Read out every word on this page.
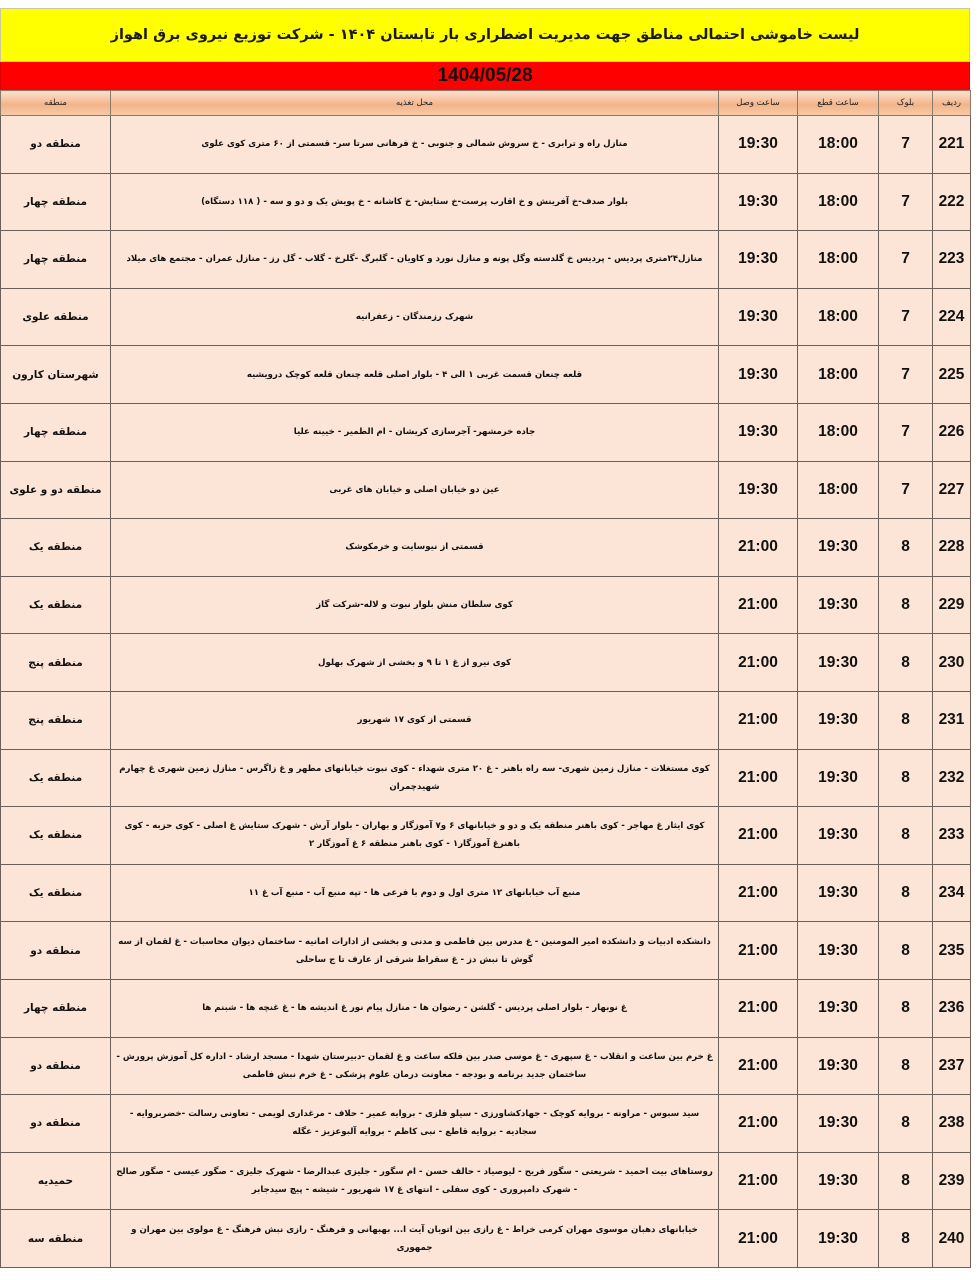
لیست خاموشی احتمالی مناطق جهت مدیریت اضطراری بار تابستان ۱۴۰۴ - شرکت توزیع نیروی برق اهواز
1404/05/28
ردیف	بلوک	ساعت قطع	ساعت وصل	محل تغذیه	منطقه
221	7	18:00	19:30	منازل راه و ترابری - خ سروش شمالی و جنوبی - خ فرهانی سرتا سر- قسمتی از ۶۰ متری کوی علوی	منطقه دو
222	7	18:00	19:30	بلوار صدف-خ آفرینش و خ اقارب پرست-خ ستایش- خ کاشانه - خ پویش یک و دو و سه - ( ۱۱۸ دستگاه)	منطقه چهار
223	7	18:00	19:30	منازل۲۴متری پردیس - پردیس خ گلدسته وگل پونه و منازل نورد و کاویان - گلبرگ -گلرخ - گلاب - گل رز - منازل عمران - مجتمع های میلاد	منطقه چهار
224	7	18:00	19:30	شهرک رزمندگان - زعفرانیه	منطقه علوی
225	7	18:00	19:30	قلعه چنعان قسمت غربی ۱ الی ۴ - بلوار اصلی قلعه چنعان قلعه کوچک درویشیه	شهرستان کارون
226	7	18:00	19:30	جاده خرمشهر- آجرسازی کریشان - ام الطمیر - خیینه علیا	منطقه چهار
227	7	18:00	19:30	عین دو خیابان اصلی و خیابان های غربی	منطقه دو و علوی
228	8	19:30	21:00	قسمتی از نیوسایت و خرمکوشک	منطقه یک
229	8	19:30	21:00	کوی سلطان منش بلوار نبوت و لاله-شرکت گاز	منطقه یک
230	8	19:30	21:00	کوی نیرو از غ ۱ تا ۹ و بخشی از شهرک بهلول	منطقه پنج
231	8	19:30	21:00	قسمتی از کوی ۱۷ شهریور	منطقه پنج
232	8	19:30	21:00	کوی مستغلات - منازل زمین شهری- سه راه باهنر - غ ۲۰ متری شهداء - کوی نبوت خیابانهای مطهر و غ زاگرس - منازل زمین شهری غ چهارم شهیدچمران	منطقه یک
233	8	19:30	21:00	کوی ایثار غ مهاجر - کوی باهنر منطقه یک و دو و خیابانهای ۶ و۷ آموزگار و بهاران - بلوار آرش - شهرک ستایش غ اصلی - کوی حزبه - کوی باهنرغ آموزگار۱ - کوی باهنر منطقه ۶ غ آموزگار ۲	منطقه یک
234	8	19:30	21:00	منبع آب خیابانهای ۱۲ متری اول و دوم با فرعی ها - تپه منبع آب - منبع آب غ ۱۱	منطقه یک
235	8	19:30	21:00	دانشکده ادبیات و دانشکده امیر المومنین - غ مدرس بین فاطمی و مدنی و بخشی از ادارات امانیه - ساختمان دیوان محاسبات - غ لقمان از سه گوش تا نبش دز - غ سقراط شرقی از عارف تا ج ساحلی	منطقه دو
236	8	19:30	21:00	غ نوبهار - بلوار اصلی پردیس - گلشن - رضوان ها - منازل پیام نور غ اندیشه ها - غ غنچه ها - شبنم ها	منطقه چهار
237	8	19:30	21:00	غ خرم بین ساعت و انقلاب - غ سپهری - غ موسی صدر بین فلکه ساعت و غ لقمان -دبیرستان شهدا - مسجد ارشاد - اداره کل آموزش پرورش - ساختمان جدید برنامه و بودجه - معاونت درمان علوم پزشکی - غ خرم نبش فاطمی	منطقه دو
238	8	19:30	21:00	سید سبوس - مراونه - بروایه کوچک - جهادکشاورزی - سیلو فلزی - بروایه عمیر - حلاف - مرغداری لویمی - تعاونی رسالت -خضربروایه - سجادیه - بروایه قاطع - نبی کاظم - بروایه آلبوعزیز - عگله	منطقه دو
239	8	19:30	21:00	روستاهای بیت احمید - شریعتی - سگور فریح - لیوصیاد - حالف حسن - ام سگور - جلیزی عبدالرضا - شهرک جلیزی - صگور عیسی - صگور صالح - شهرک دامپروری - کوی سفلی - انتهای غ ۱۷ شهریور - شیشه - پیچ سیدجابر	حمیدیه
240	8	19:30	21:00	خیابانهای دهبان موسوی مهران کرمی خراط - غ رازی بین اتوبان آیت ا... بهبهانی و فرهنگ - رازی نبش فرهنگ - غ مولوی بین مهران و جمهوری	منطقه سه
